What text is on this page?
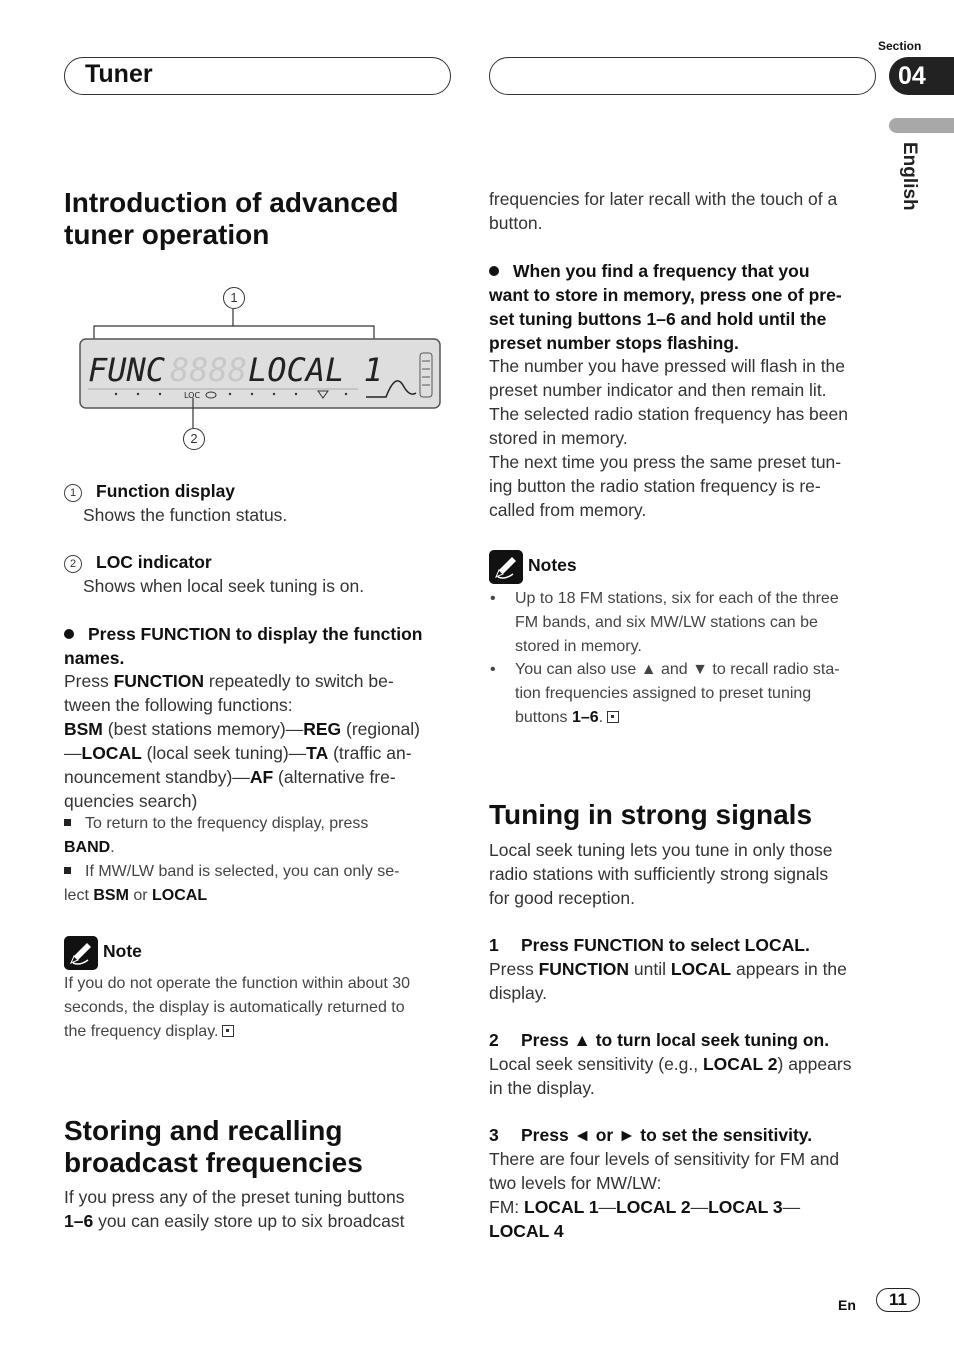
Tuner
Section
04
English
Introduction of advanced
tuner operation
1
2
8888
FUNC	LOCAL 1
LOC
1 Function display
Shows the function status.
2 LOC indicator
Shows when local seek tuning is on.
Press FUNCTION to display the function
names.
Press FUNCTION repeatedly to switch be-
tween the following functions:
BSM (best stations memory)—REG (regional)
—LOCAL (local seek tuning)—TA (traffic an-
nouncement standby)—AF (alternative fre-
quencies search)
To return to the frequency display, press
BAND.
If MW/LW band is selected, you can only se-
lect BSM or LOCAL
Note
If you do not operate the function within about 30
seconds, the display is automatically returned to
the frequency display.
Storing and recalling
broadcast frequencies
If you press any of the preset tuning buttons
1–6 you can easily store up to six broadcast
frequencies for later recall with the touch of a
button.
When you find a frequency that you
want to store in memory, press one of pre-
set tuning buttons 1–6 and hold until the
preset number stops flashing.
The number you have pressed will flash in the
preset number indicator and then remain lit.
The selected radio station frequency has been
stored in memory.
The next time you press the same preset tun-
ing button the radio station frequency is re-
called from memory.
Notes
• Up to 18 FM stations, six for each of the three
FM bands, and six MW/LW stations can be
stored in memory.
• You can also use ▲ and ▼ to recall radio sta-
tion frequencies assigned to preset tuning
buttons 1–6.
Tuning in strong signals
Local seek tuning lets you tune in only those
radio stations with sufficiently strong signals
for good reception.
1 Press FUNCTION to select LOCAL.
Press FUNCTION until LOCAL appears in the
display.
2 Press ▲ to turn local seek tuning on.
Local seek sensitivity (e.g., LOCAL 2) appears
in the display.
3 Press ◄ or ► to set the sensitivity.
There are four levels of sensitivity for FM and
two levels for MW/LW:
FM: LOCAL 1—LOCAL 2—LOCAL 3—
LOCAL 4
En	11
